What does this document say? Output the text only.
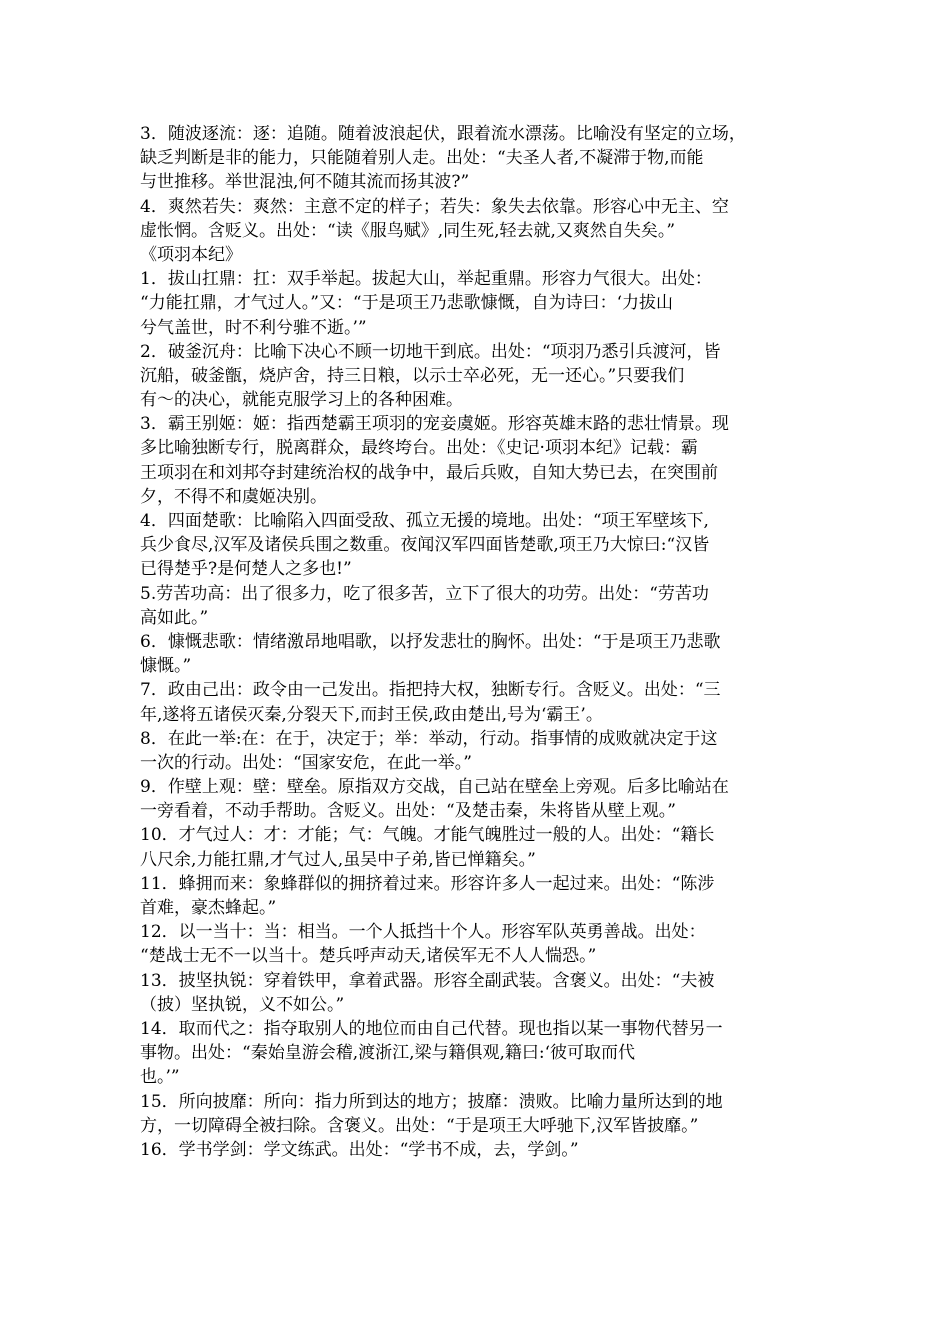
3．随波逐流：逐：追随。随着波浪起伏，跟着流水漂荡。比喻没有坚定的立场，
缺乏判断是非的能力，只能随着别人走。出处：“夫圣人者,不凝滞于物,而能
与世推移。举世混浊,何不随其流而扬其波?”
4．爽然若失：爽然：主意不定的样子；若失：象失去依靠。形容心中无主、空
虚怅惘。含贬义。出处：“读《服鸟赋》,同生死,轻去就,又爽然自失矣。”
《项羽本纪》
1．拔山扛鼎：扛：双手举起。拔起大山，举起重鼎。形容力气很大。出处：
“力能扛鼎，才气过人。”又：“于是项王乃悲歌慷慨，自为诗曰：‘力拔山
兮气盖世，时不利兮骓不逝。’”
2．破釜沉舟：比喻下决心不顾一切地干到底。出处：“项羽乃悉引兵渡河，皆
沉船，破釜甑，烧庐舍，持三日粮，以示士卒必死，无一还心。”只要我们
有～的决心，就能克服学习上的各种困难。
3．霸王别姬：姬：指西楚霸王项羽的宠妾虞姬。形容英雄末路的悲壮情景。现
多比喻独断专行，脱离群众，最终垮台。出处：《史记·项羽本纪》记载：霸
王项羽在和刘邦夺封建统治权的战争中，最后兵败，自知大势已去，在突围前
夕，不得不和虞姬决别。
4．四面楚歌：比喻陷入四面受敌、孤立无援的境地。出处：“项王军壁垓下,
兵少食尽,汉军及诸侯兵围之数重。夜闻汉军四面皆楚歌,项王乃大惊曰:“汉皆
已得楚乎?是何楚人之多也!”
5.劳苦功高：出了很多力，吃了很多苦，立下了很大的功劳。出处：“劳苦功
高如此。”
6．慷慨悲歌：情绪激昂地唱歌，以抒发悲壮的胸怀。出处：“于是项王乃悲歌
慷慨。”
7．政由己出：政令由一己发出。指把持大权，独断专行。含贬义。出处：“三
年,遂将五诸侯灭秦,分裂天下,而封王侯,政由楚出,号为‘霸王’。
8．在此一举:在：在于，决定于；举：举动，行动。指事情的成败就决定于这
一次的行动。出处：“国家安危，在此一举。”
9．作壁上观：壁：壁垒。原指双方交战，自己站在壁垒上旁观。后多比喻站在
一旁看着，不动手帮助。含贬义。出处：“及楚击秦，朱将皆从壁上观。”
10．才气过人：才：才能；气：气魄。才能气魄胜过一般的人。出处：“籍长
八尺余,力能扛鼎,才气过人,虽吴中子弟,皆已惮籍矣。”
11．蜂拥而来：象蜂群似的拥挤着过来。形容许多人一起过来。出处：“陈涉
首难，豪杰蜂起。”
12．以一当十：当：相当。一个人抵挡十个人。形容军队英勇善战。出处：
“楚战士无不一以当十。楚兵呼声动天,诸侯军无不人人惴恐。”
13．披坚执锐：穿着铁甲，拿着武器。形容全副武装。含褒义。出处：“夫被
（披）坚执锐，义不如公。”
14．取而代之：指夺取别人的地位而由自己代替。现也指以某一事物代替另一
事物。出处：“秦始皇游会稽,渡浙江,梁与籍俱观,籍曰:‘彼可取而代
也。’”
15．所向披靡：所向：指力所到达的地方；披靡：溃败。比喻力量所达到的地
方，一切障碍全被扫除。含褒义。出处：“于是项王大呼驰下,汉军皆披靡。”
16．学书学剑：学文练武。出处：“学书不成，去，学剑。”
